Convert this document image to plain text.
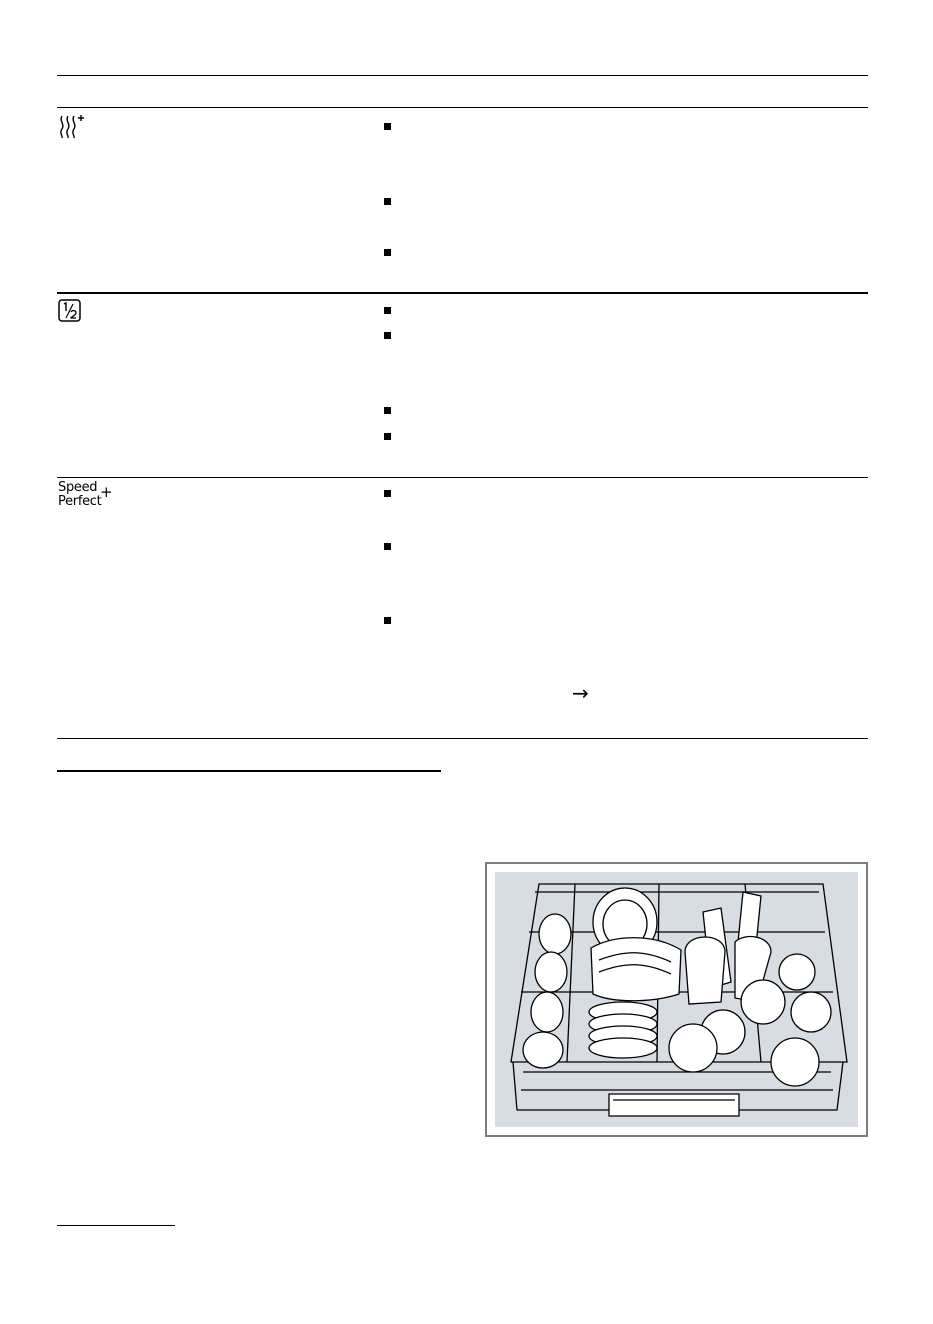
Speed
Perfect
+
→
